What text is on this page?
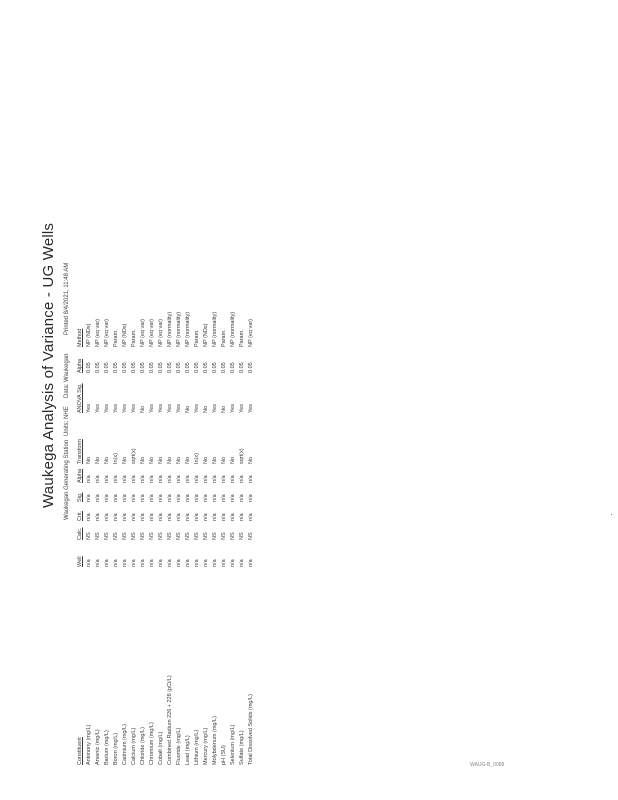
Waukega Analysis of Variance - UG Wells Waukegan Generating Station
Units: NHE
Data: Waukegan
Printed 8/4/2021, 11:48 AM
Constituent	Well	Calc.	Crit.	Sig.	Alpha	Transform	ANOVA Sig.	Alpha	Method
Antimony (mg/L)	n/a	NS	n/a	n/a	n/a	No	Yes	0.05	NP (NDs)
Arsenic (mg/L)	n/a	NS	n/a	n/a	n/a	No	Yes	0.05	NP (eq var)
Barium (mg/L)	n/a	NS	n/a	n/a	n/a	No	Yes	0.05	NP (eq var)
Boron (mg/L)	n/a	NS	n/a	n/a	n/a	In(x)	Yes	0.05	Param.
Cadmium (mg/L)	n/a	NS	n/a	n/a	n/a	No	Yes	0.05	NP (NDs)
Calcium (mg/L)	n/a	NS	n/a	n/a	n/a	sqrt(x)	Yes	0.05	Param.
Chloride (mg/L)	n/a	NS	n/a	n/a	n/a	No	No	0.05	NP (eq var)
Chromium (mg/L)	n/a	NS	n/a	n/a	n/a	No	Yes	0.05	NP (eq var)
Cobalt (mg/L)	n/a	NS	n/a	n/a	n/a	No	Yes	0.05	NP (eq var)
Combined Radium 226 + 228 (pCi/L)	n/a	NS	n/a	n/a	n/a	No	Yes	0.05	NP (normality)
Fluoride (mg/L)	n/a	NS	n/a	n/a	n/a	No	Yes	0.05	NP (normality)
Lead (mg/L)	n/a	NS	n/a	n/a	n/a	No	No	0.05	NP (normality)
Lithium (mg/L)	n/a	NS	n/a	n/a	n/a	In(x)	Yes	0.05	Param.
Mercury (mg/L)	n/a	NS	n/a	n/a	n/a	No	No	0.05	NP (NDs)
Molybdenum (mg/L)	n/a	NS	n/a	n/a	n/a	No	Yes	0.05	NP (normality)
pH (SU)	n/a	NS	n/a	n/a	n/a	No	No	0.05	Param.
Selenium (mg/L)	n/a	NS	n/a	n/a	n/a	No	Yes	0.05	NP (normality)
Sulfate (mg/L)	n/a	NS	n/a	n/a	n/a	sqrt(x)	Yes	0.05	Param.
Total Dissolved Solids (mg/L)	n/a	NS	n/a	n/a	n/a	No	Yes	0.05	NP (eq var)
WAUG-B_0088
